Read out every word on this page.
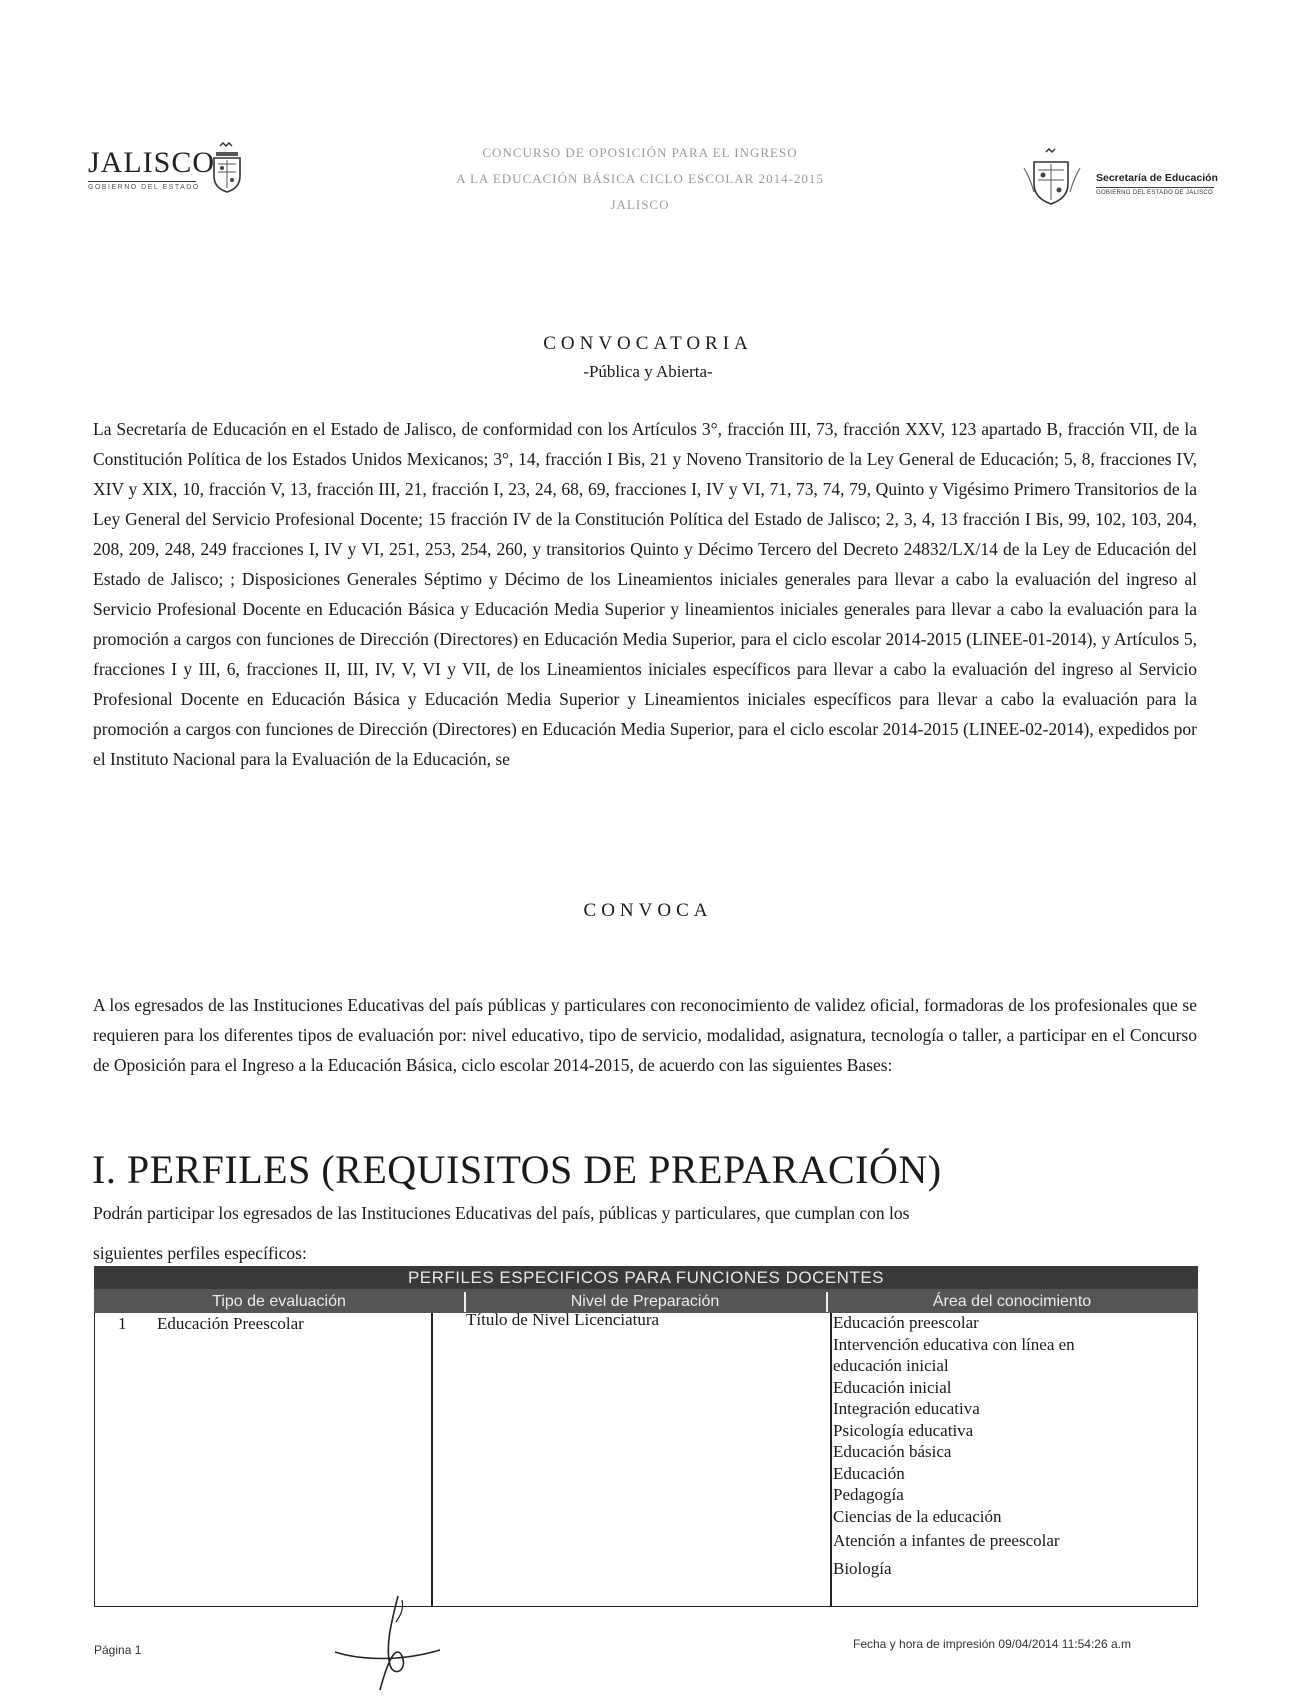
JALISCO
GOBIERNO DEL ESTADO
CONCURSO DE OPOSICIÓN PARA EL INGRESO
A LA EDUCACIÓN BÁSICA CICLO ESCOLAR 2014-2015
JALISCO
Secretaría de Educación
GOBIERNO DEL ESTADO DE JALISCO
CONVOCATORIA
-Pública y Abierta-
La Secretaría de Educación en el Estado de Jalisco, de conformidad con los Artículos 3°, fracción III, 73, fracción XXV, 123 apartado B, fracción VII, de la Constitución Política de los Estados Unidos Mexicanos; 3°, 14, fracción I Bis, 21 y Noveno Transitorio de la Ley General de Educación; 5, 8, fracciones IV, XIV y XIX, 10, fracción V, 13, fracción III, 21, fracción I, 23, 24, 68, 69, fracciones I, IV y VI, 71, 73, 74, 79, Quinto y Vigésimo Primero Transitorios de la Ley General del Servicio Profesional Docente; 15 fracción IV de la Constitución Política del Estado de Jalisco; 2, 3, 4, 13 fracción I Bis, 99, 102, 103, 204, 208, 209, 248, 249 fracciones I, IV y VI, 251, 253, 254, 260, y transitorios Quinto y Décimo Tercero del Decreto 24832/LX/14 de la Ley de Educación del Estado de Jalisco; ; Disposiciones Generales Séptimo y Décimo de los Lineamientos iniciales generales para llevar a cabo la evaluación del ingreso al Servicio Profesional Docente en Educación Básica y Educación Media Superior y lineamientos iniciales generales para llevar a cabo la evaluación para la promoción a cargos con funciones de Dirección (Directores) en Educación Media Superior, para el ciclo escolar 2014-2015 (LINEE-01-2014), y Artículos 5, fracciones I y III, 6, fracciones II, III, IV, V, VI y VII, de los Lineamientos iniciales específicos para llevar a cabo la evaluación del ingreso al Servicio Profesional Docente en Educación Básica y Educación Media Superior y Lineamientos iniciales específicos para llevar a cabo la evaluación para la promoción a cargos con funciones de Dirección (Directores) en Educación Media Superior, para el ciclo escolar 2014-2015 (LINEE-02-2014), expedidos por el Instituto Nacional para la Evaluación de la Educación, se
CONVOCA
A los egresados de las Instituciones Educativas del país públicas y particulares con reconocimiento de validez oficial, formadoras de los profesionales que se requieren para los diferentes tipos de evaluación por: nivel educativo, tipo de servicio, modalidad, asignatura, tecnología o taller, a participar en el Concurso de Oposición para el Ingreso a la Educación Básica, ciclo escolar 2014-2015, de acuerdo con las siguientes Bases:
I. PERFILES (REQUISITOS DE PREPARACIÓN)
Podrán participar los egresados de las Instituciones Educativas del país, públicas y particulares, que cumplan con los
siguientes perfiles específicos:
PERFILES ESPECIFICOS PARA FUNCIONES DOCENTES
Tipo de evaluación	Nivel de Preparación	Área del conocimiento
1 Educación Preescolar	Título de Nivel Licenciatura	Educación preescolar
Intervención educativa con línea en
educación inicial
Educación inicial
Integración educativa
Psicología educativa
Educación básica
Educación
Pedagogía
Ciencias de la educación
Atención a infantes de preescolar
Biología
Página 1	Fecha y hora de impresión 09/04/2014 11:54:26 a.m
